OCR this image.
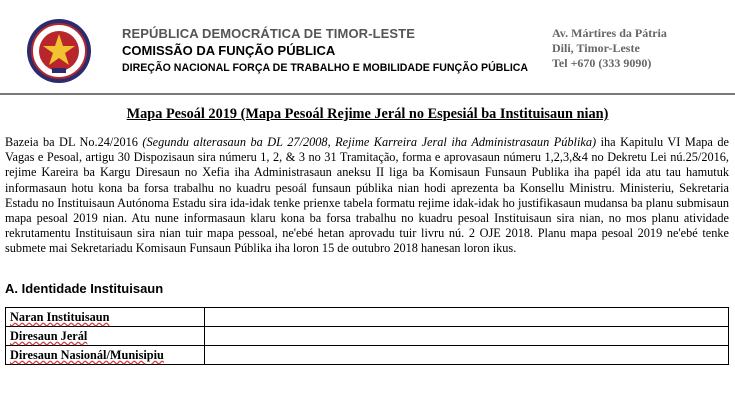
REPÚBLICA DEMOCRÁTICA DE TIMOR-LESTE
COMISSÃO DA FUNÇÃO PÚBLICA
DIREÇÃO NACIONAL FORÇA DE TRABALHO E MOBILIDADE FUNÇÃO PÚBLICA
Av. Mártires da Pátria
Dili, Timor-Leste
Tel +670 (333 9090)
Mapa Pesoál 2019 (Mapa Pesoál Rejime Jerál no Espesiál ba Instituisaun nian)
Bazeia ba DL No.24/2016 (Segundu alterasaun ba DL 27/2008, Rejime Karreira Jeral iha Administrasaun Públika) iha Kapitulu VI Mapa de Vagas e Pesoal, artigu 30 Dispozisaun sira númeru 1, 2, & 3 no 31 Tramitação, forma e aprovasaun númeru 1,2,3,&4 no Dekretu Lei nú.25/2016, rejime Kareira ba Kargu Diresaun no Xefia iha Administrasaun aneksu II liga ba Komisaun Funsaun Publika iha papél ida atu tau hamutuk informasaun hotu kona ba forsa trabalhu no kuadru pesoál funsaun públika nian hodi aprezenta ba Konsellu Ministru. Ministeriu, Sekretaria Estadu no Instituisaun Autónoma Estadu sira ida-idak tenke prienxe tabela formatu rejime idak-idak ho justifikasaun mudansa ba planu submisaun mapa pesoal 2019 nian. Atu nune informasaun klaru kona ba forsa trabalhu no kuadru pesoal Instituisaun sira nian, no mos planu atividade rekrutamentu Instituisaun sira nian tuir mapa pessoal, ne'ebé hetan aprovadu tuir livru nú. 2 OJE 2018. Planu mapa pesoal 2019 ne'ebé tenke submete mai Sekretariadu Komisaun Funsaun Públika iha loron 15 de outubro 2018 hanesan loron ikus.
A. Identidade Instituisaun
Naran Instituisaun	
Diresaun Jerál	
Diresaun Nasionál/Munisipiu	
